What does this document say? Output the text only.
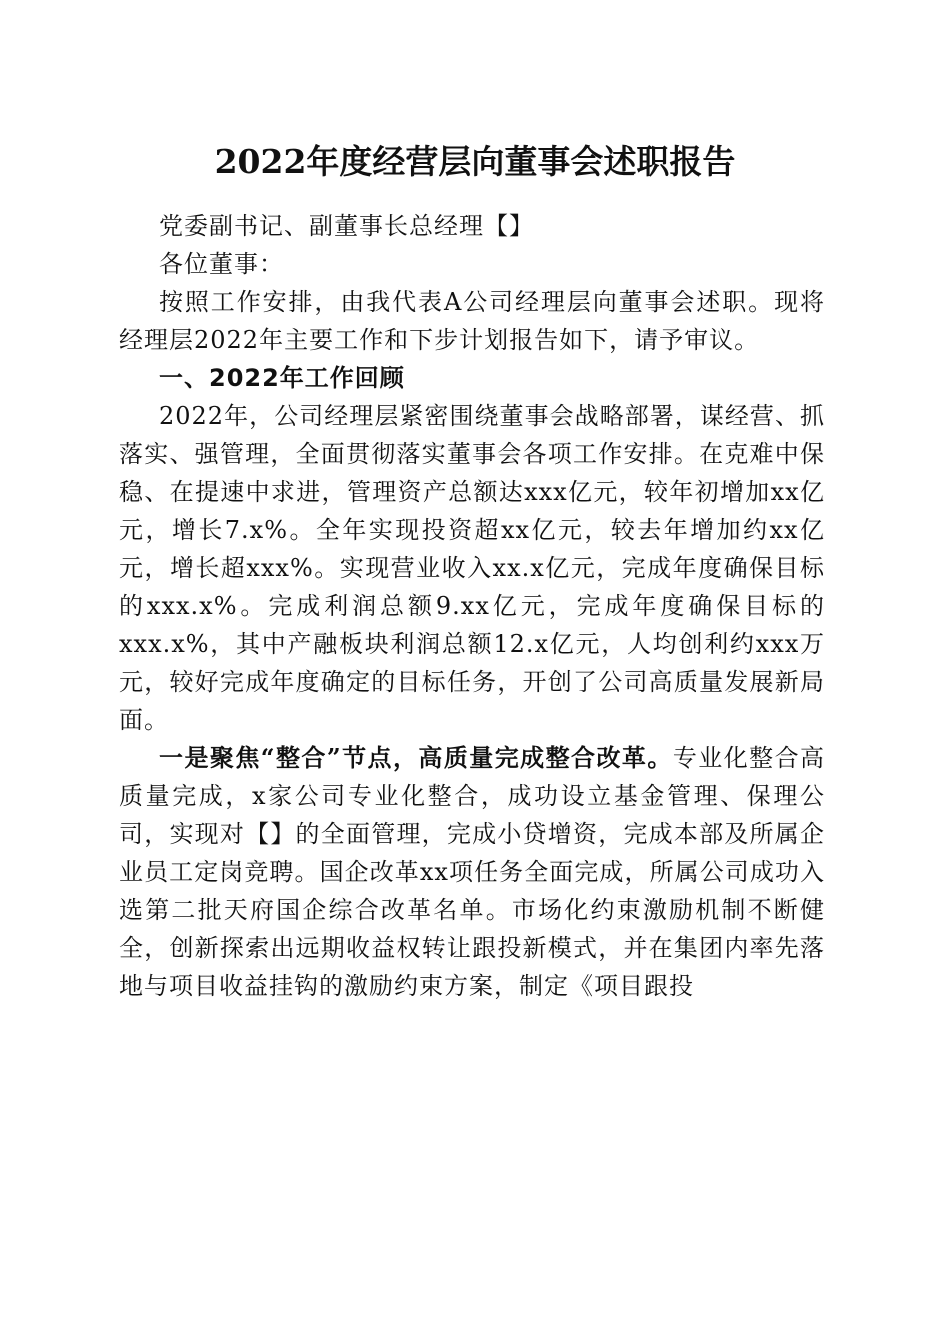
2022年度经营层向董事会述职报告

党委副书记、副董事长总经理【】

各位董事：

按照工作安排，由我代表A公司经理层向董事会述职。现将经理层2022年主要工作和下步计划报告如下，请予审议。

一、2022年工作回顾

2022年，公司经理层紧密围绕董事会战略部署，谋经营、抓落实、强管理，全面贯彻落实董事会各项工作安排。在克难中保稳、在提速中求进，管理资产总额达xxx亿元，较年初增加xx亿元，增长7.x%。全年实现投资超xx亿元，较去年增加约xx亿元，增长超xxx%。实现营业收入xx.x亿元，完成年度确保目标的xxx.x%。完成利润总额9.xx亿元，完成年度确保目标的xxx.x%，其中产融板块利润总额12.x亿元，人均创利约xxx万元，较好完成年度确定的目标任务，开创了公司高质量发展新局面。

一是聚焦“整合”节点，高质量完成整合改革。专业化整合高质量完成，x家公司专业化整合，成功设立基金管理、保理公司，实现对【】的全面管理，完成小贷增资，完成本部及所属企业员工定岗竞聘。国企改革xx项任务全面完成，所属公司成功入选第二批天府国企综合改革名单。市场化约束激励机制不断健全，创新探索出远期收益权转让跟投新模式，并在集团内率先落地与项目收益挂钩的激励约束方案，制定《项目跟投
